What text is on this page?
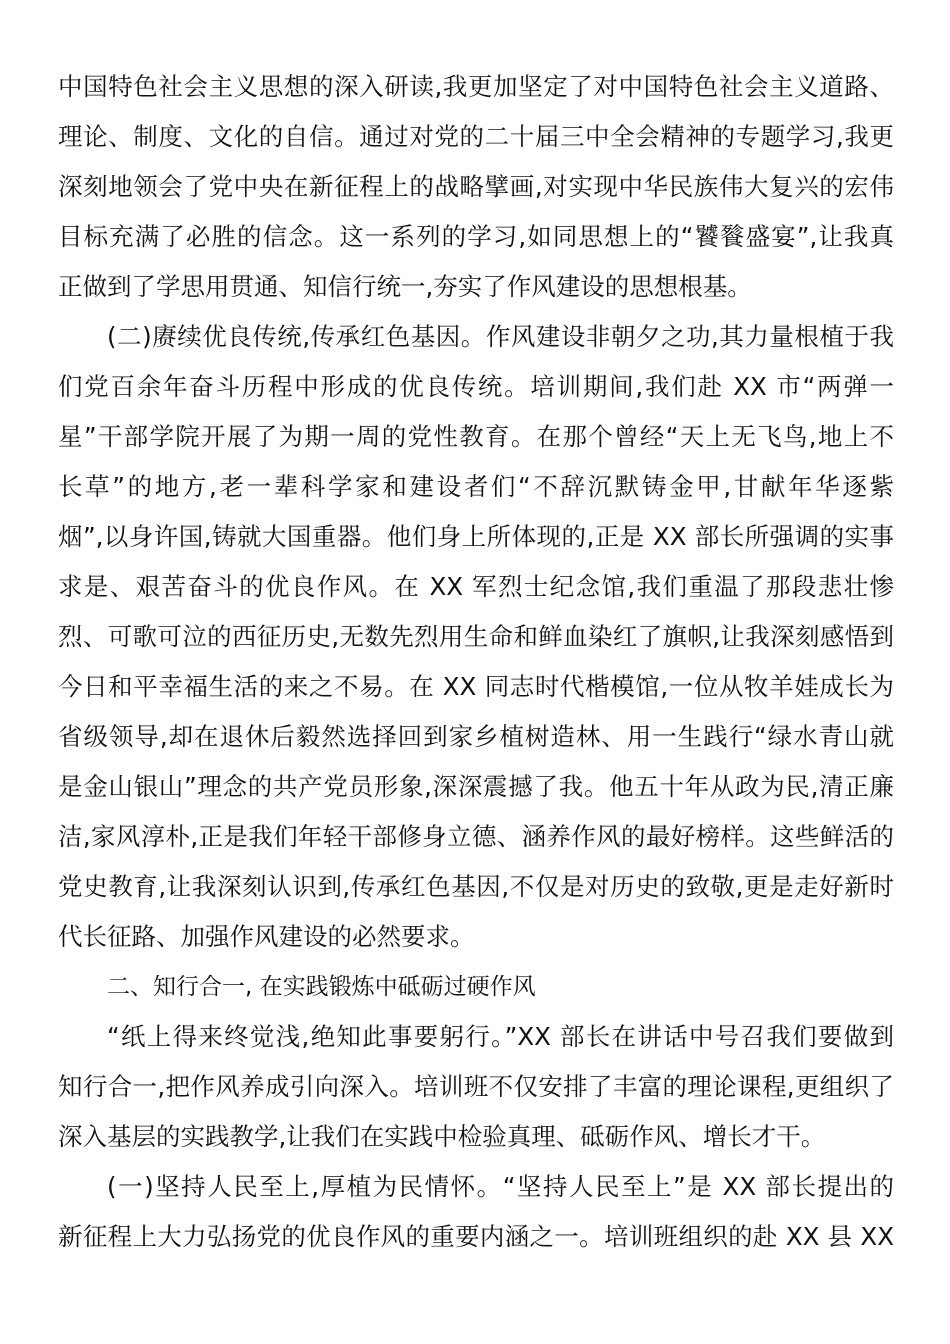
中国特色社会主义思想的深入研读,我更加坚定了对中国特色社会主义道路、
理论、制度、文化的自信。通过对党的二十届三中全会精神的专题学习,我更
深刻地领会了党中央在新征程上的战略擘画,对实现中华民族伟大复兴的宏伟
目标充满了必胜的信念。这一系列的学习,如同思想上的“饕餮盛宴”,让我真
正做到了学思用贯通、知信行统一,夯实了作风建设的思想根基。
(二)赓续优良传统,传承红色基因。作风建设非朝夕之功,其力量根植于我
们党百余年奋斗历程中形成的优良传统。培训期间,我们赴 XX 市“两弹一
星”干部学院开展了为期一周的党性教育。在那个曾经“天上无飞鸟,地上不
长草”的地方,老一辈科学家和建设者们“不辞沉默铸金甲,甘献年华逐紫
烟”,以身许国,铸就大国重器。他们身上所体现的,正是 XX 部长所强调的实事
求是、艰苦奋斗的优良作风。在 XX 军烈士纪念馆,我们重温了那段悲壮惨
烈、可歌可泣的西征历史,无数先烈用生命和鲜血染红了旗帜,让我深刻感悟到
今日和平幸福生活的来之不易。在 XX 同志时代楷模馆,一位从牧羊娃成长为
省级领导,却在退休后毅然选择回到家乡植树造林、用一生践行“绿水青山就
是金山银山”理念的共产党员形象,深深震撼了我。他五十年从政为民,清正廉
洁,家风淳朴,正是我们年轻干部修身立德、涵养作风的最好榜样。这些鲜活的
党史教育,让我深刻认识到,传承红色基因,不仅是对历史的致敬,更是走好新时
代长征路、加强作风建设的必然要求。
二、知行合一, 在实践锻炼中砥砺过硬作风
“纸上得来终觉浅,绝知此事要躬行。”XX 部长在讲话中号召我们要做到
知行合一,把作风养成引向深入。培训班不仅安排了丰富的理论课程,更组织了
深入基层的实践教学,让我们在实践中检验真理、砥砺作风、增长才干。
(一)坚持人民至上,厚植为民情怀。“坚持人民至上”是 XX 部长提出的
新征程上大力弘扬党的优良作风的重要内涵之一。培训班组织的赴 XX 县 XX
